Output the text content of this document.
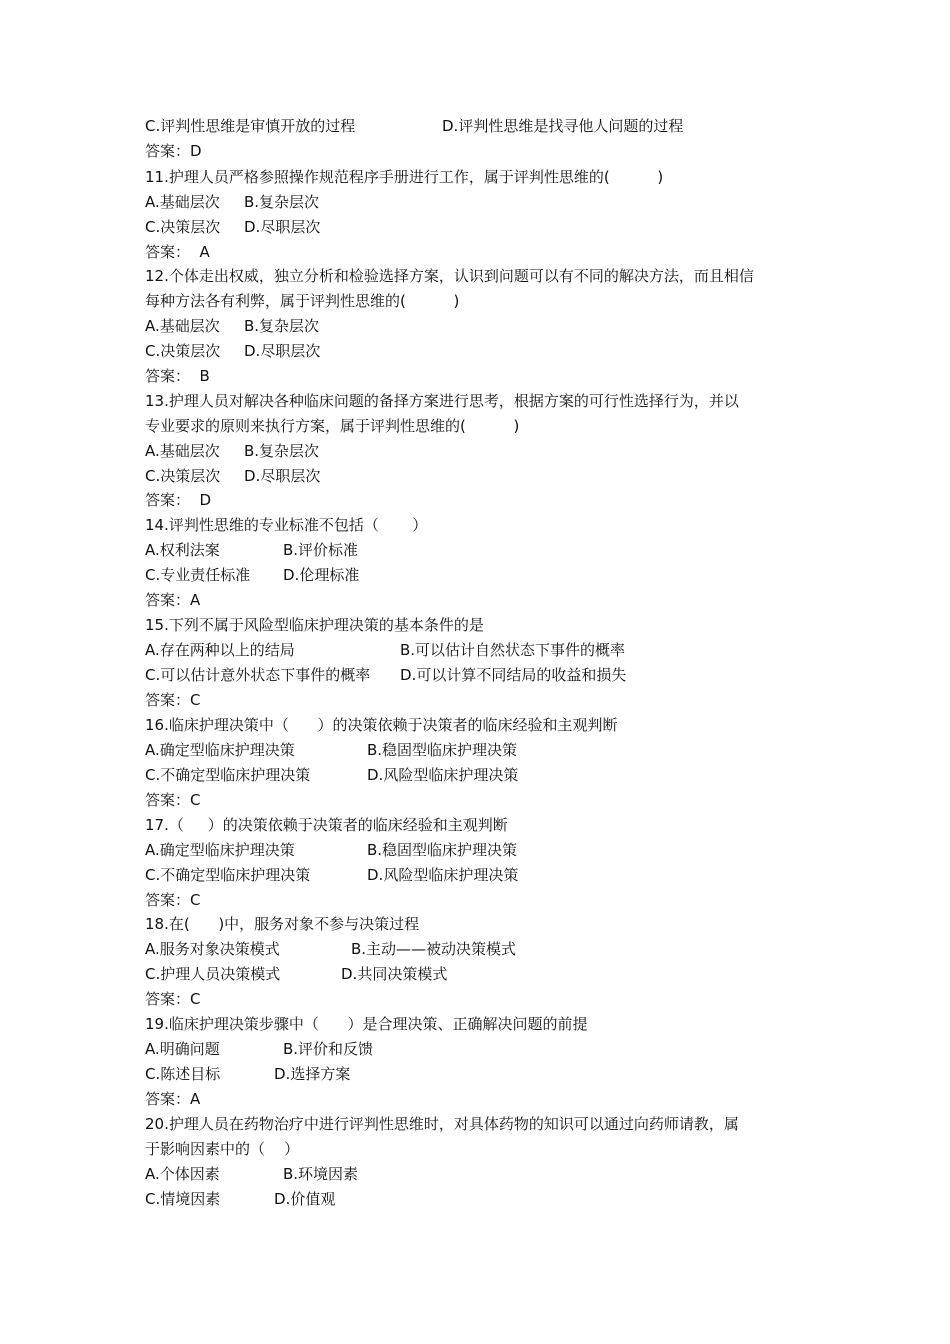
C.评判性思维是审慎开放的过程	D.评判性思维是找寻他人问题的过程
答案：D
11.护理人员严格参照操作规范程序手册进行工作，属于评判性思维的(          )
A.基础层次 B.复杂层次
C.决策层次 D.尽职层次
答案：  A
12.个体走出权威，独立分析和检验选择方案，认识到问题可以有不同的解决方法，而且相信
每种方法各有利弊，属于评判性思维的(          )
A.基础层次 B.复杂层次
C.决策层次 D.尽职层次
答案：  B
13.护理人员对解决各种临床问题的备择方案进行思考，根据方案的可行性选择行为，并以
专业要求的原则来执行方案，属于评判性思维的(          )
A.基础层次 B.复杂层次
C.决策层次 D.尽职层次
答案：  D
14.评判性思维的专业标准不包括（       ）
A.权利法案	B.评价标准
C.专业责任标准 D.伦理标准
答案：A
15.下列不属于风险型临床护理决策的基本条件的是
A.存在两种以上的结局	B.可以估计自然状态下事件的概率
C.可以估计意外状态下事件的概率 D.可以计算不同结局的收益和损失
答案：C
16.临床护理决策中（      ）的决策依赖于决策者的临床经验和主观判断
A.确定型临床护理决策	B.稳固型临床护理决策
C.不确定型临床护理决策	D.风险型临床护理决策
答案：C
17.（     ）的决策依赖于决策者的临床经验和主观判断
A.确定型临床护理决策	B.稳固型临床护理决策
C.不确定型临床护理决策	D.风险型临床护理决策
答案：C
18.在(      )中，服务对象不参与决策过程
A.服务对象决策模式	B.主动——被动决策模式
C.护理人员决策模式	D.共同决策模式
答案：C
19.临床护理决策步骤中（      ）是合理决策、正确解决问题的前提
A.明确问题	B.评价和反馈
C.陈述目标	D.选择方案
答案：A
20.护理人员在药物治疗中进行评判性思维时，对具体药物的知识可以通过向药师请教，属
于影响因素中的（    ）
A.个体因素	B.环境因素
C.情境因素	D.价值观
